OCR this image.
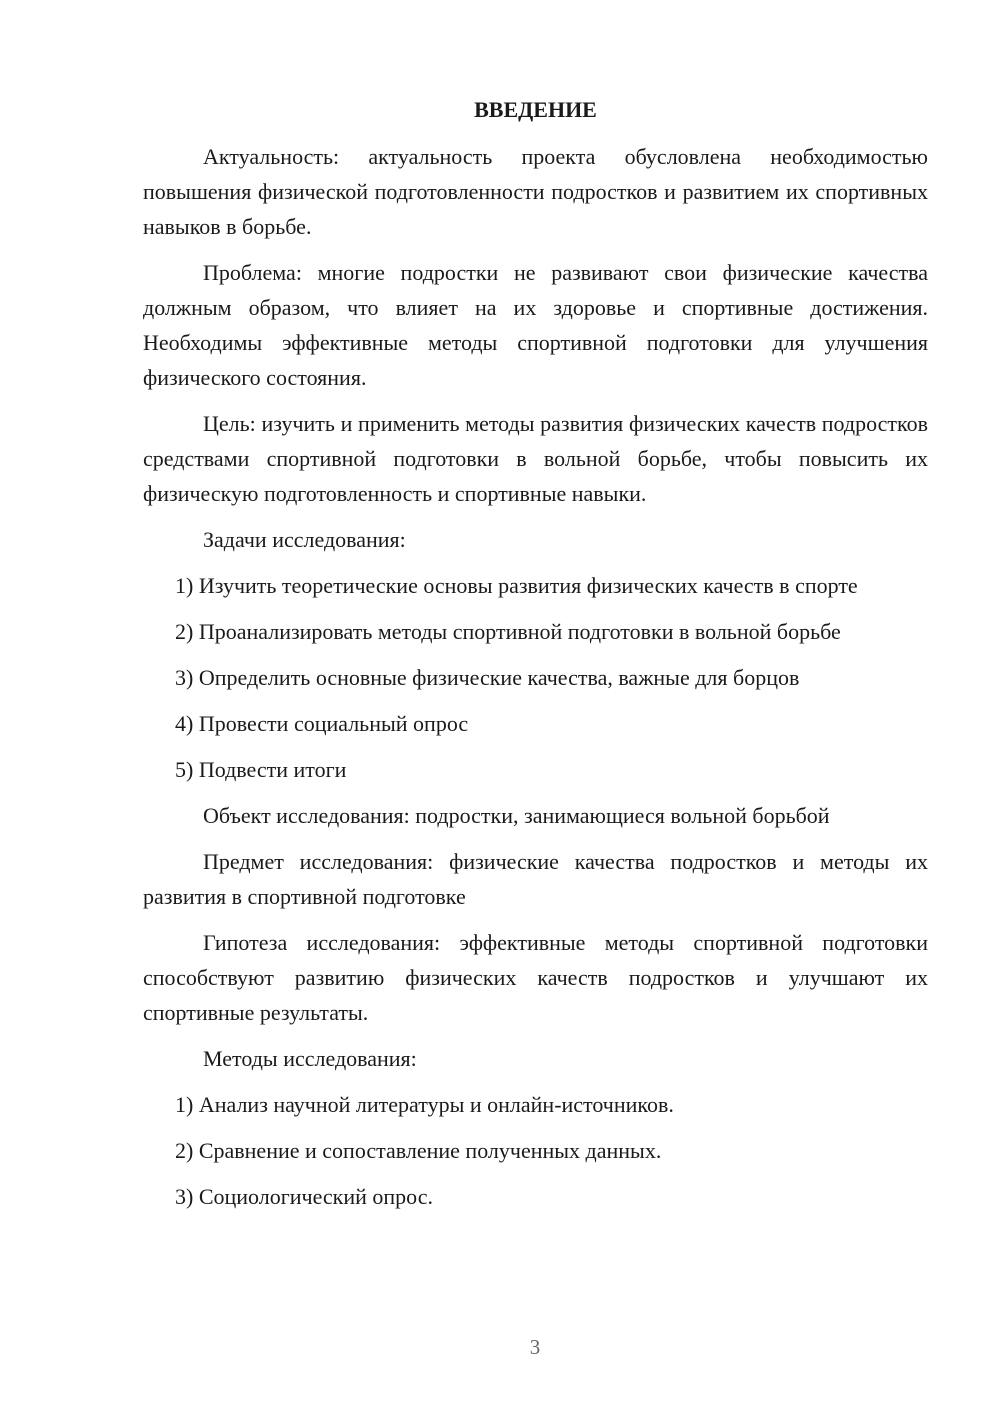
ВВЕДЕНИЕ

Актуальность: актуальность проекта обусловлена необходимостью повышения физической подготовленности подростков и развитием их спортивных навыков в борьбе.

Проблема: многие подростки не развивают свои физические качества должным образом, что влияет на их здоровье и спортивные достижения. Необходимы эффективные методы спортивной подготовки для улучшения физического состояния.

Цель: изучить и применить методы развития физических качеств подростков средствами спортивной подготовки в вольной борьбе, чтобы повысить их физическую подготовленность и спортивные навыки.

Задачи исследования:

1) Изучить теоретические основы развития физических качеств в спорте

2) Проанализировать методы спортивной подготовки в вольной борьбе

3) Определить основные физические качества, важные для борцов

4) Провести социальный опрос

5) Подвести итоги

Объект исследования: подростки, занимающиеся вольной борьбой

Предмет исследования: физические качества подростков и методы их развития в спортивной подготовке

Гипотеза исследования: эффективные методы спортивной подготовки способствуют развитию физических качеств подростков и улучшают их спортивные результаты.

Методы исследования:

1) Анализ научной литературы и онлайн-источников.

2) Сравнение и сопоставление полученных данных.

3) Социологический опрос.

3
